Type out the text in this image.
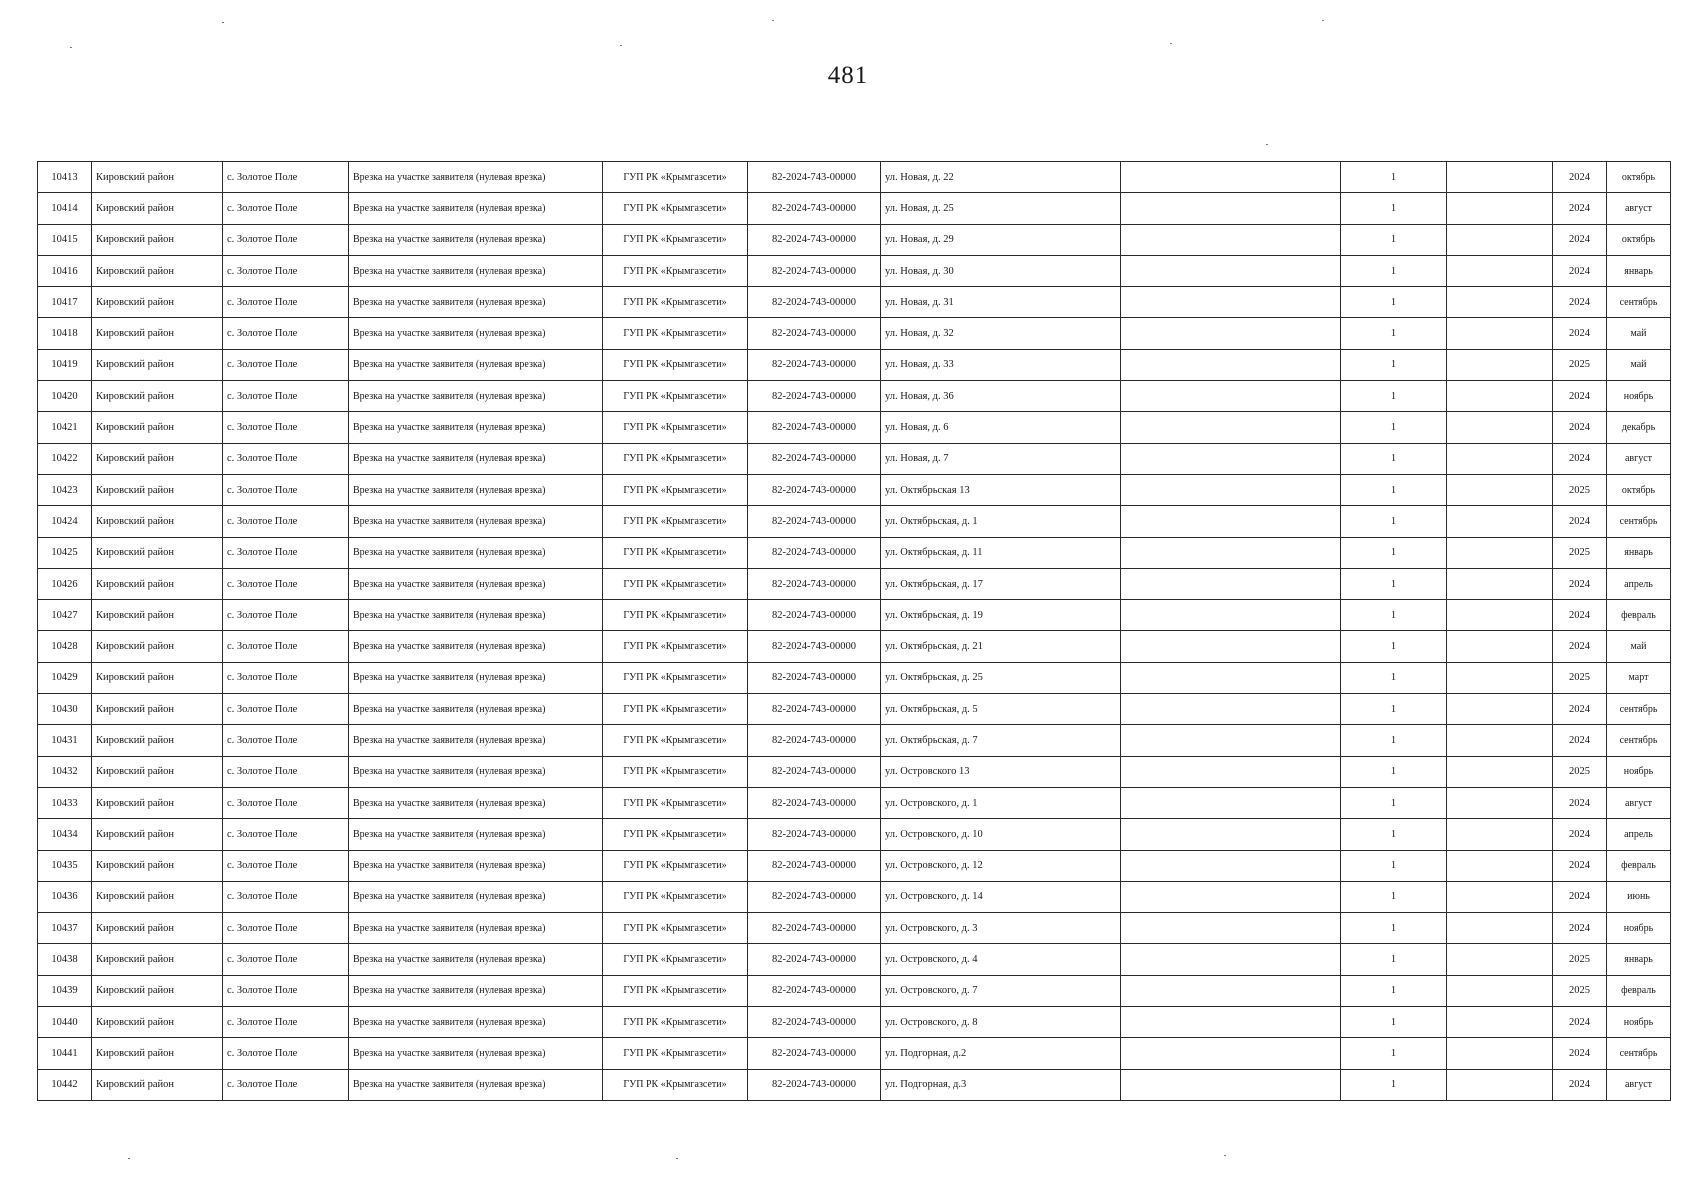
481
10413	Кировский район	с. Золотое Поле	Врезка на участке заявителя (нулевая врезка)	ГУП РК «Крымгазсети»	82-2024-743-00000	ул. Новая, д. 22		1		2024	октябрь
10414	Кировский район	с. Золотое Поле	Врезка на участке заявителя (нулевая врезка)	ГУП РК «Крымгазсети»	82-2024-743-00000	ул. Новая, д. 25		1		2024	август
10415	Кировский район	с. Золотое Поле	Врезка на участке заявителя (нулевая врезка)	ГУП РК «Крымгазсети»	82-2024-743-00000	ул. Новая, д. 29		1		2024	октябрь
10416	Кировский район	с. Золотое Поле	Врезка на участке заявителя (нулевая врезка)	ГУП РК «Крымгазсети»	82-2024-743-00000	ул. Новая, д. 30		1		2024	январь
10417	Кировский район	с. Золотое Поле	Врезка на участке заявителя (нулевая врезка)	ГУП РК «Крымгазсети»	82-2024-743-00000	ул. Новая, д. 31		1		2024	сентябрь
10418	Кировский район	с. Золотое Поле	Врезка на участке заявителя (нулевая врезка)	ГУП РК «Крымгазсети»	82-2024-743-00000	ул. Новая, д. 32		1		2024	май
10419	Кировский район	с. Золотое Поле	Врезка на участке заявителя (нулевая врезка)	ГУП РК «Крымгазсети»	82-2024-743-00000	ул. Новая, д. 33		1		2025	май
10420	Кировский район	с. Золотое Поле	Врезка на участке заявителя (нулевая врезка)	ГУП РК «Крымгазсети»	82-2024-743-00000	ул. Новая, д. 36		1		2024	ноябрь
10421	Кировский район	с. Золотое Поле	Врезка на участке заявителя (нулевая врезка)	ГУП РК «Крымгазсети»	82-2024-743-00000	ул. Новая, д. 6		1		2024	декабрь
10422	Кировский район	с. Золотое Поле	Врезка на участке заявителя (нулевая врезка)	ГУП РК «Крымгазсети»	82-2024-743-00000	ул. Новая, д. 7		1		2024	август
10423	Кировский район	с. Золотое Поле	Врезка на участке заявителя (нулевая врезка)	ГУП РК «Крымгазсети»	82-2024-743-00000	ул. Октябрьская 13		1		2025	октябрь
10424	Кировский район	с. Золотое Поле	Врезка на участке заявителя (нулевая врезка)	ГУП РК «Крымгазсети»	82-2024-743-00000	ул. Октябрьская, д. 1		1		2024	сентябрь
10425	Кировский район	с. Золотое Поле	Врезка на участке заявителя (нулевая врезка)	ГУП РК «Крымгазсети»	82-2024-743-00000	ул. Октябрьская, д. 11		1		2025	январь
10426	Кировский район	с. Золотое Поле	Врезка на участке заявителя (нулевая врезка)	ГУП РК «Крымгазсети»	82-2024-743-00000	ул. Октябрьская, д. 17		1		2024	апрель
10427	Кировский район	с. Золотое Поле	Врезка на участке заявителя (нулевая врезка)	ГУП РК «Крымгазсети»	82-2024-743-00000	ул. Октябрьская, д. 19		1		2024	февраль
10428	Кировский район	с. Золотое Поле	Врезка на участке заявителя (нулевая врезка)	ГУП РК «Крымгазсети»	82-2024-743-00000	ул. Октябрьская, д. 21		1		2024	май
10429	Кировский район	с. Золотое Поле	Врезка на участке заявителя (нулевая врезка)	ГУП РК «Крымгазсети»	82-2024-743-00000	ул. Октябрьская, д. 25		1		2025	март
10430	Кировский район	с. Золотое Поле	Врезка на участке заявителя (нулевая врезка)	ГУП РК «Крымгазсети»	82-2024-743-00000	ул. Октябрьская, д. 5		1		2024	сентябрь
10431	Кировский район	с. Золотое Поле	Врезка на участке заявителя (нулевая врезка)	ГУП РК «Крымгазсети»	82-2024-743-00000	ул. Октябрьская, д. 7		1		2024	сентябрь
10432	Кировский район	с. Золотое Поле	Врезка на участке заявителя (нулевая врезка)	ГУП РК «Крымгазсети»	82-2024-743-00000	ул. Островского 13		1		2025	ноябрь
10433	Кировский район	с. Золотое Поле	Врезка на участке заявителя (нулевая врезка)	ГУП РК «Крымгазсети»	82-2024-743-00000	ул. Островского, д. 1		1		2024	август
10434	Кировский район	с. Золотое Поле	Врезка на участке заявителя (нулевая врезка)	ГУП РК «Крымгазсети»	82-2024-743-00000	ул. Островского, д. 10		1		2024	апрель
10435	Кировский район	с. Золотое Поле	Врезка на участке заявителя (нулевая врезка)	ГУП РК «Крымгазсети»	82-2024-743-00000	ул. Островского, д. 12		1		2024	февраль
10436	Кировский район	с. Золотое Поле	Врезка на участке заявителя (нулевая врезка)	ГУП РК «Крымгазсети»	82-2024-743-00000	ул. Островского, д. 14		1		2024	июнь
10437	Кировский район	с. Золотое Поле	Врезка на участке заявителя (нулевая врезка)	ГУП РК «Крымгазсети»	82-2024-743-00000	ул. Островского, д. 3		1		2024	ноябрь
10438	Кировский район	с. Золотое Поле	Врезка на участке заявителя (нулевая врезка)	ГУП РК «Крымгазсети»	82-2024-743-00000	ул. Островского, д. 4		1		2025	январь
10439	Кировский район	с. Золотое Поле	Врезка на участке заявителя (нулевая врезка)	ГУП РК «Крымгазсети»	82-2024-743-00000	ул. Островского, д. 7		1		2025	февраль
10440	Кировский район	с. Золотое Поле	Врезка на участке заявителя (нулевая врезка)	ГУП РК «Крымгазсети»	82-2024-743-00000	ул. Островского, д. 8		1		2024	ноябрь
10441	Кировский район	с. Золотое Поле	Врезка на участке заявителя (нулевая врезка)	ГУП РК «Крымгазсети»	82-2024-743-00000	ул. Подгорная, д.2		1		2024	сентябрь
10442	Кировский район	с. Золотое Поле	Врезка на участке заявителя (нулевая врезка)	ГУП РК «Крымгазсети»	82-2024-743-00000	ул. Подгорная, д.3		1		2024	август
